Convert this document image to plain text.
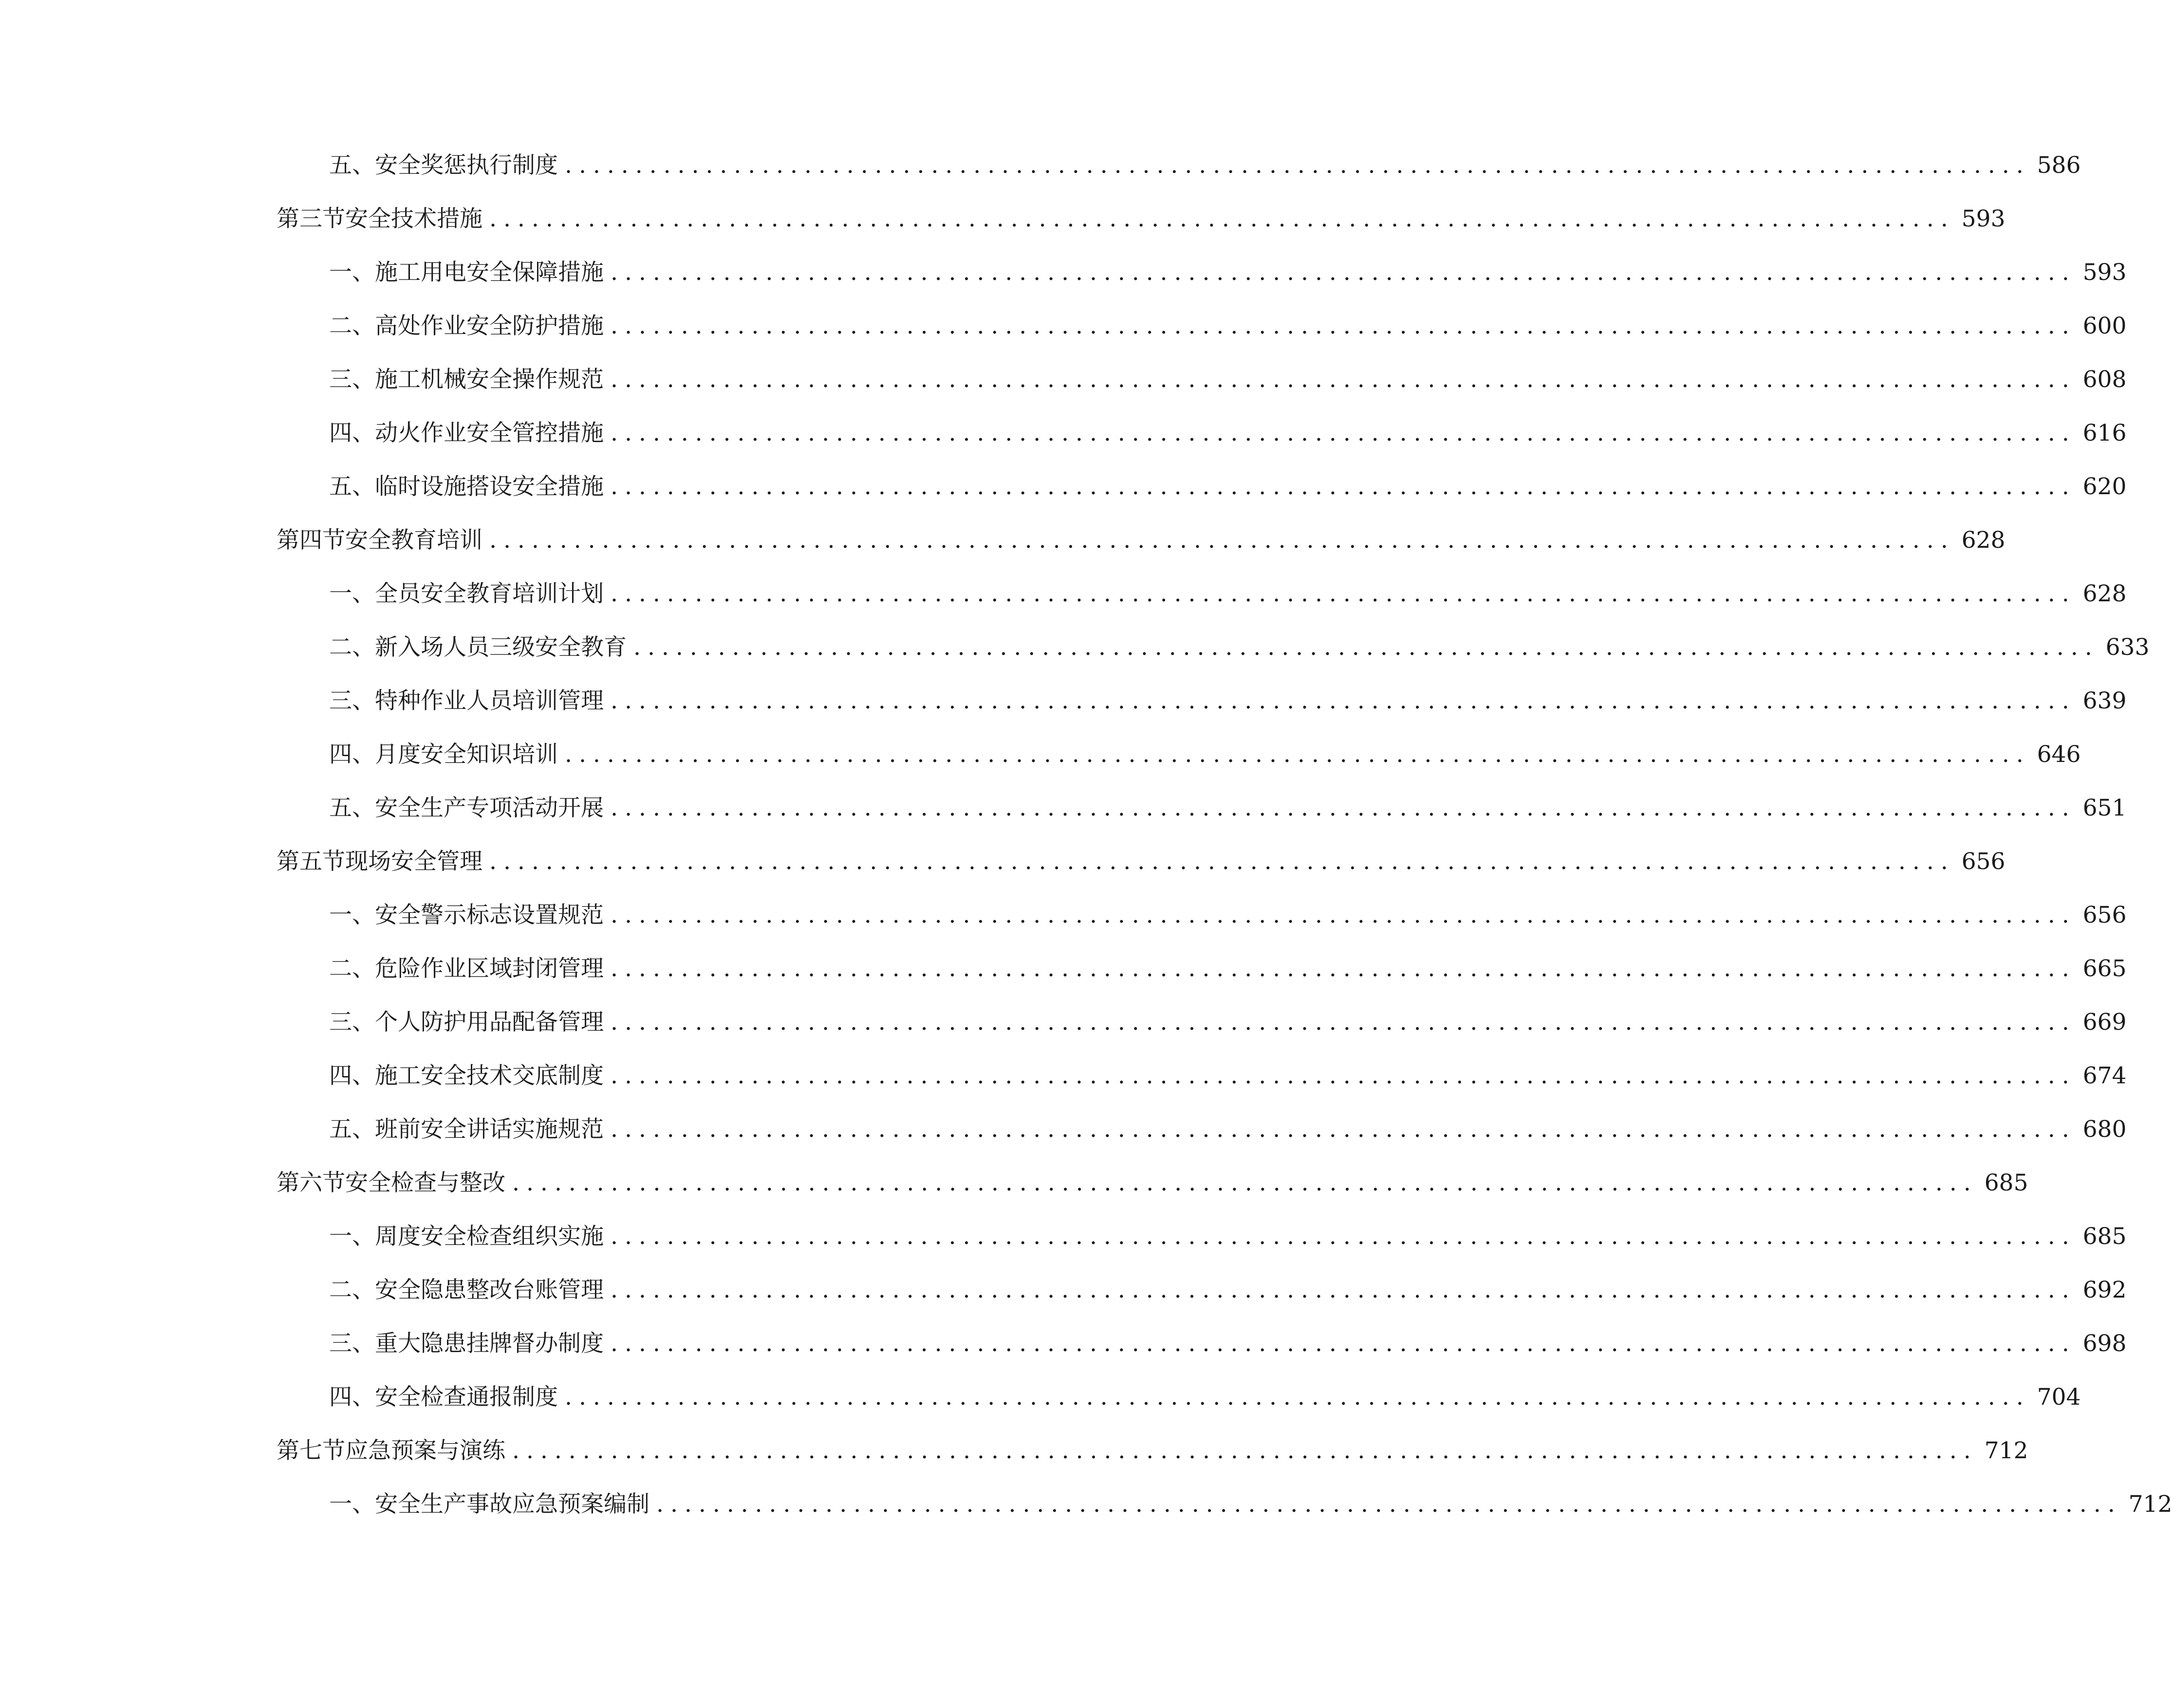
五、 安全奖惩执行制度 ........................................................................................................ 586
第三节 安全技术措施 ........................................................................................................ 593
一、 施工用电安全保障措施 ........................................................................................................ 593
二、 高处作业安全防护措施 ........................................................................................................ 600
三、 施工机械安全操作规范 ........................................................................................................ 608
四、 动火作业安全管控措施 ........................................................................................................ 616
五、 临时设施搭设安全措施 ........................................................................................................ 620
第四节 安全教育培训 ........................................................................................................ 628
一、 全员安全教育培训计划 ........................................................................................................ 628
二、 新入场人员三级安全教育 ........................................................................................................ 633
三、 特种作业人员培训管理 ........................................................................................................ 639
四、 月度安全知识培训 ........................................................................................................ 646
五、 安全生产专项活动开展 ........................................................................................................ 651
第五节 现场安全管理 ........................................................................................................ 656
一、 安全警示标志设置规范 ........................................................................................................ 656
二、 危险作业区域封闭管理 ........................................................................................................ 665
三、 个人防护用品配备管理 ........................................................................................................ 669
四、 施工安全技术交底制度 ........................................................................................................ 674
五、 班前安全讲话实施规范 ........................................................................................................ 680
第六节 安全检查与整改 ........................................................................................................ 685
一、 周度安全检查组织实施 ........................................................................................................ 685
二、 安全隐患整改台账管理 ........................................................................................................ 692
三、 重大隐患挂牌督办制度 ........................................................................................................ 698
四、 安全检查通报制度 ........................................................................................................ 704
第七节 应急预案与演练 ........................................................................................................ 712
一、 安全生产事故应急预案编制 ........................................................................................................ 712
